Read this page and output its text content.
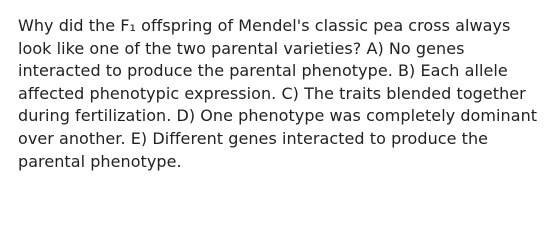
Why did the F₁ offspring of Mendel's classic pea cross always
look like one of the two parental varieties? A) No genes
interacted to produce the parental phenotype. B) Each allele
affected phenotypic expression. C) The traits blended together
during fertilization. D) One phenotype was completely dominant
over another. E) Different genes interacted to produce the
parental phenotype.
